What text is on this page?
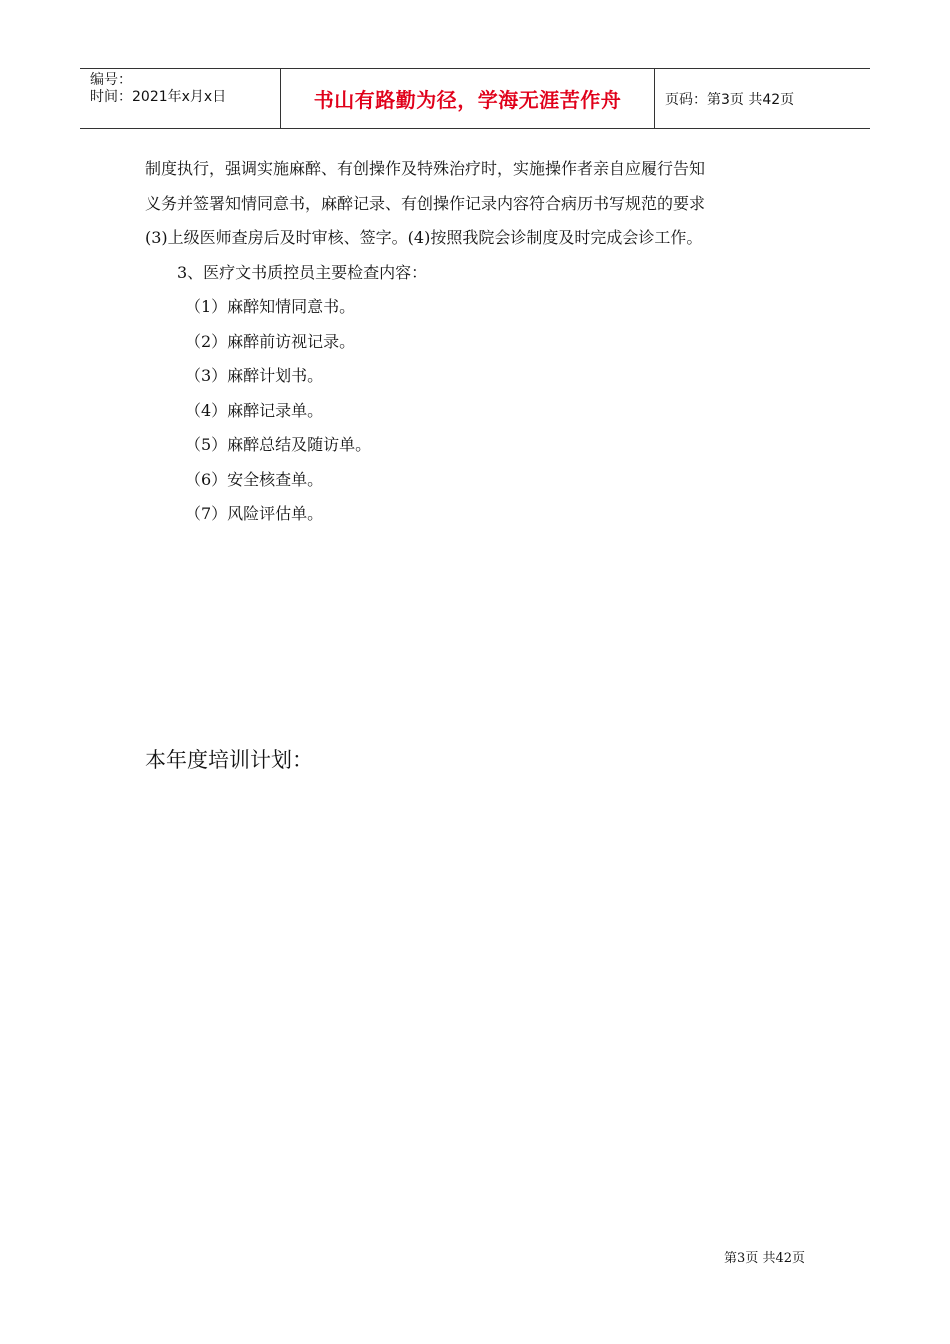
编号：
时间：2021年x月x日	书山有路勤为径，学海无涯苦作舟	页码：第3页 共42页

制度执行，强调实施麻醉、有创操作及特殊治疗时，实施操作者亲自应履行告知

义务并签署知情同意书，麻醉记录、有创操作记录内容符合病历书写规范的要求

(3)上级医师查房后及时审核、签字。(4)按照我院会诊制度及时完成会诊工作。

3、医疗文书质控员主要检查内容：

（1）麻醉知情同意书。

（2）麻醉前访视记录。

（3）麻醉计划书。

（4）麻醉记录单。

（5）麻醉总结及随访单。

（6）安全核查单。

（7）风险评估单。

本年度培训计划：
第3页 共42页
